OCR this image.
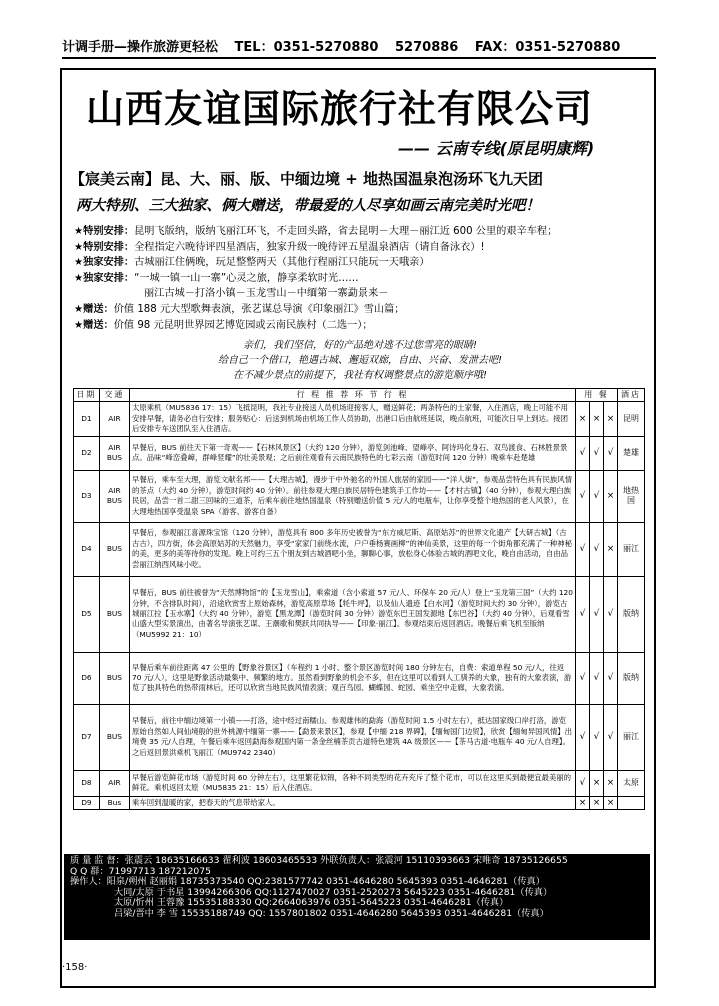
计调手册—操作旅游更轻松 TEL：0351-5270880 5270886 FAX：0351-5270880
山西友谊国际旅行社有限公司
—— 云南专线(原昆明康辉)
【宸美云南】昆、大、丽、版、中缅边境 + 地热国温泉泡汤环飞九天团
两大特别、三大独家、俩大赠送，带最爱的人尽享如画云南完美时光吧！
★特别安排：昆明飞版纳，版纳飞丽江环飞，不走回头路，省去昆明－大理－丽江近 600 公里的艰辛车程；
★特别安排：全程指定六晚待评四星酒店，独家升级一晚待评五星温泉酒店（请自备泳衣）!
★独家安排：古城丽江住俩晚，玩足整整两天（其他行程丽江只能玩一天哦亲）
★独家安排：“一城一镇一山一寨”心灵之旅，静享柔软时光……
丽江古城－打洛小镇－玉龙雪山－中缅第一寨勐景来－
★赠送：价值 188 元大型歌舞表演，张艺谋总导演《印象丽江》雪山篇；
★赠送：价值 98 元昆明世界园艺博览园或云南民族村（二选一）；
亲们，我们坚信，好的产品绝对逃不过您雪亮的眼睛!
给自己一个借口，艳遇古城、邂逅双廊，自由、兴奋、发泄去吧!
在不减少景点的前提下，我社有权调整景点的游览顺序哦!
日期	交通	行 程 推 荐 环 节 行 程	用 餐			酒店
D1	AIR	太原乘机（MU5836 17：15）飞抵昆明，我社专业接送人员机场迎接客人，赠送鲜花；两条特色的土家餐，入住酒店，晚上可能不用安排早餐，请务必自行安排；服务贴心：后送到机场由机场工作人员协助，出港口后由航班延误，晚点航班，可能次日早上到达。接团后安排专车送团队至入住酒店。	×	×	×	昆明
D2	AIR BUS	早餐后，BUS 前往天下第一奇观——【石林风景区】（大约 120 分钟），游览剑池峰、望峰亭、阿诗玛化身石、双鸟渡食、石林胜景景点。品味“峰峦叠嶂，群峰竖耀”的壮美景观；之后前往观看有云南民族特色的七彩云南（游览时间 120 分钟）晚乘车赴楚雄	√	√	√	楚雄
D3	AIR BUS	早餐后，乘车至大理，游览文献名邦——【大理古城】，漫步于中外驰名的外国人旅居的家园——“洋人街”，参观品尝特色具有民族风情的茶点（大约 40 分钟），游览时间约 40 分钟）。前往参观大理白族民居特色建筑手工作坊——【才村古镇】（40 分钟），参观大理白族民居，品尝一首二甜三回味的三道茶，后乘车前往地热国温泉（特别赠送价值 5 元/人的电瓶车，让你享受整个地热国的老人风景），在大理地热国享受温泉 SPA（游客、游客自备）	√	√	×	地热国
D4	BUS	早餐后，参观丽江喜源珠宝馆（120 分钟），游览具有 800 多年历史被誉为“东方威尼斯、高原姑苏”的世界文化遗产【大研古城】（古古古），四方街，体会高原姑苏的天然魅力，享受“家家门前绕水流，户户垂杨赛画柳”的神仙美景，这里的每一个街角都充满了一种神秘的美，更多的美等待你的发现。晚上可约三五个朋友到古城酒吧小坐，聊聊心事，放松身心体验古城的酒吧文化，晚自由活动，自由品尝丽江纳西风味小吃。	√	√	×	丽江
D5	BUS	早餐后，BUS 前往被誉为“天然博物馆”的【玉龙雪山】，乘索道（含小索道 57 元/人、环保车 20 元/人）登上“玉龙第三国”（大约 120 分钟，不含排队时间），沿途欣赏雪上原始森林，游览高原草场【牦牛坪】，以及仙人遗迹【白水河】（游览时间大约 30 分钟），游览古城丽江拉【玉水寨】（大约 40 分钟），游览【黑龙潭】（游览时间 30 分钟）游览东巴王国发源地【东巴谷】（大约 40 分钟），后观看雪山盛大型实景演出，由著名导演张艺谋、王潮歌和樊跃共同执导——【印象·丽江】。参观结束后返回酒店。晚餐后乘飞机至版纳（MU5992 21：10）	√	√	√	版纳
D6	BUS	早餐后乘车前往距离 47 公里的【野象谷景区】（车程约 1 小时、整个景区游览时间 180 分钟左右，自费：索道单程 50 元/人，往返 70 元/人），这里是野象活动最集中、频繁的地方。虽然看到野象的机会不多，但在这里可以看到人工驯养的大象，独有的大象表演，游览了独具特色的热带雨林后，还可以欣赏当地民族风情表演；观百鸟园、蝴蝶园、蛇园、乘坐空中走廊，大象表演。	√	√	√	版纳
D7	BUS	早餐后，前往中缅边境第一小镇——打洛，途中经过南糯山、参观雄伟的勐海（游览时间 1.5 小时左右），抵达国家级口岸打洛，游览原始自然如人间仙境般的世外桃源中缅第一寨——【勐景来景区】，参观【中缅 218 界碑】，【缅甸国门边贸】，欣赏【缅甸异国风情】出境费 35 元/人自理，午餐后乘车返回勐海参观国内第一条金丝楠茶贡古道特色建筑 4A 级景区——【茶马古道·电瓶车 40 元/人自理】。之后返回景洪乘机飞丽江（MU9742 2340）	√	√	√	丽江
D8	AIR	早餐后游览鲜花市场（游览时间 60 分钟左右），这里繁花似锦，各种不同类型的花卉充斥了整个花市，可以在这里买到最便宜最美丽的鲜花。乘机返回太原（MU5835 21：15）后入住酒店。	√	×	×	太原
D9	Bus	乘车回到温暖的家，把春天的气息带给家人。	×	×	×	
质 量 监 督：张震云 18635166633 翟利波 18603465533 外联负责人：张震河 15110393663 宋唯奇 18735126655
Q Q 群：71997713 187212075
操作人：阳泉/朔州 赵丽娟 18735373540 QQ:2381577742 0351-4646280 5645393 0351-4646281（传真）
大同/太原 于书星 13994266306 QQ:1127470027 0351-2520273 5645223 0351-4646281（传真）
太原/忻州 王蓉豫 15535188330 QQ:2664063976 0351-5645223 0351-4646281（传真）
吕梁/晋中 李 雪 15535188749 QQ: 1557801802 0351-4646280 5645393 0351-4646281（传真）
·158·
